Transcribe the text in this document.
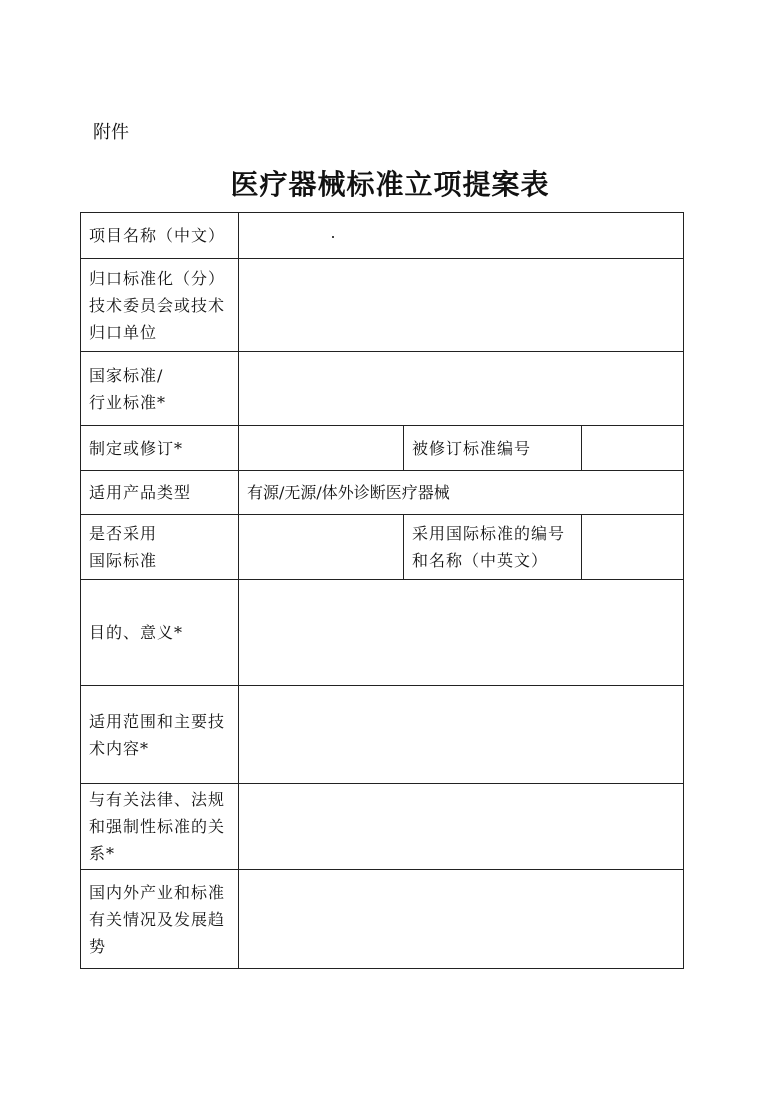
附件
医疗器械标准立项提案表
项目名称（中文）			
归口标准化（分）技术委员会或技术归口单位			

国家标准/
行业标准*			

制定或修订*		被修订标准编号	
适用产品类型	有源/无源/体外诊断医疗器械		

是否采用
国际标准		采用国际标准的编号和名称（中英文）	
目的、意义*			
适用范围和主要技术内容*			
与有关法律、法规和强制性标准的关系*			
国内外产业和标准有关情况及发展趋势			
